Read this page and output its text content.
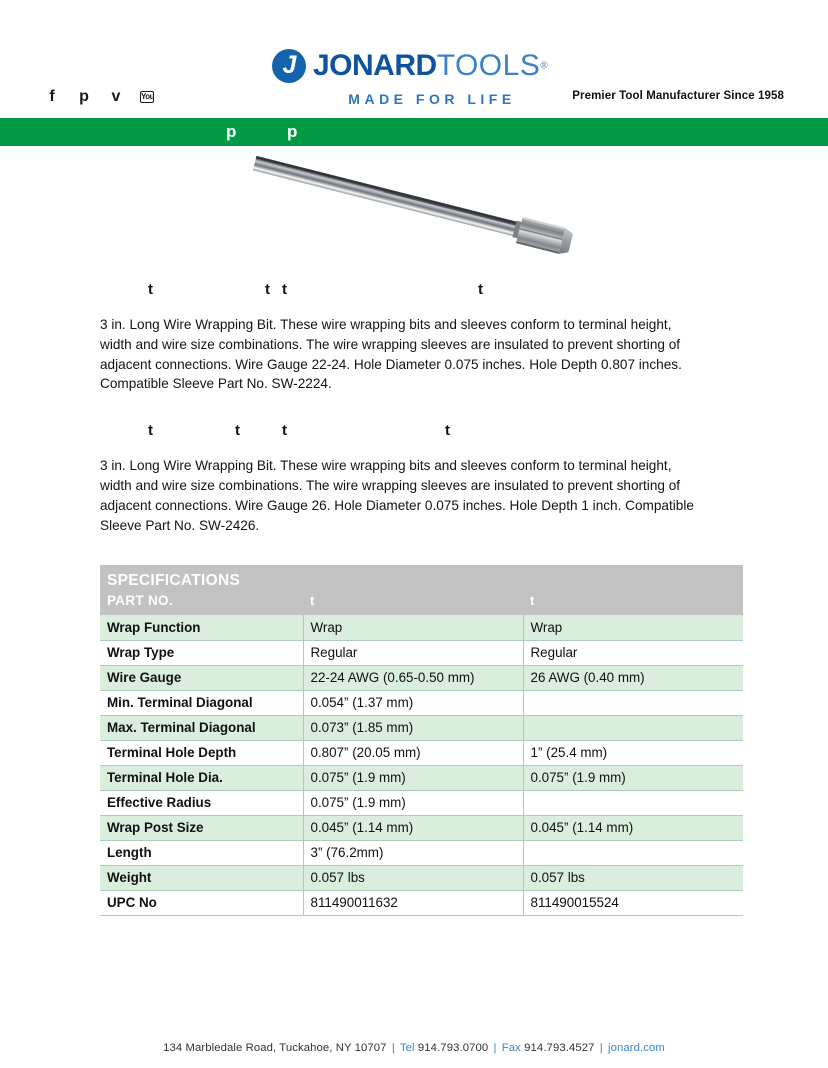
J
JONARDTOOLS®
MADE FOR LIFE
f	р ᴠ	You	Premier Tool Manufacturer Since 1958
p	p
t	t t	t

3 in. Long Wire Wrapping Bit. These wire wrapping bits and sleeves conform to terminal height, width and wire size combinations. The wire wrapping sleeves are insulated to prevent shorting of adjacent connections. Wire Gauge 22-24. Hole Diameter 0.075 inches. Hole Depth 0.807 inches. Compatible Sleeve Part No. SW-2224.

t	t	t	t

3 in. Long Wire Wrapping Bit. These wire wrapping bits and sleeves conform to terminal height, width and wire size combinations. The wire wrapping sleeves are insulated to prevent shorting of adjacent connections. Wire Gauge 26. Hole Diameter 0.075 inches. Hole Depth 1 inch. Compatible Sleeve Part No. SW-2426.

SPECIFICATIONS		
PART NO.	t	t
Wrap Function	Wrap	Wrap
Wrap Type	Regular	Regular
Wire Gauge	22-24 AWG (0.65-0.50 mm)	26 AWG (0.40 mm)
Min. Terminal Diagonal	0.054” (1.37 mm)	
Max. Terminal Diagonal	0.073” (1.85 mm)	
Terminal Hole Depth	0.807” (20.05 mm)	1” (25.4 mm)
Terminal Hole Dia.	0.075” (1.9 mm)	0.075” (1.9 mm)
Effective Radius	0.075” (1.9 mm)	
Wrap Post Size	0.045” (1.14 mm)	0.045” (1.14 mm)
Length	3” (76.2mm)	
Weight	0.057 lbs	0.057 lbs
UPC No	811490011632	811490015524
134 Marbledale Road, Tuckahoe, NY 10707 | Tel 914.793.0700 | Fax 914.793.4527 | jonard.com
